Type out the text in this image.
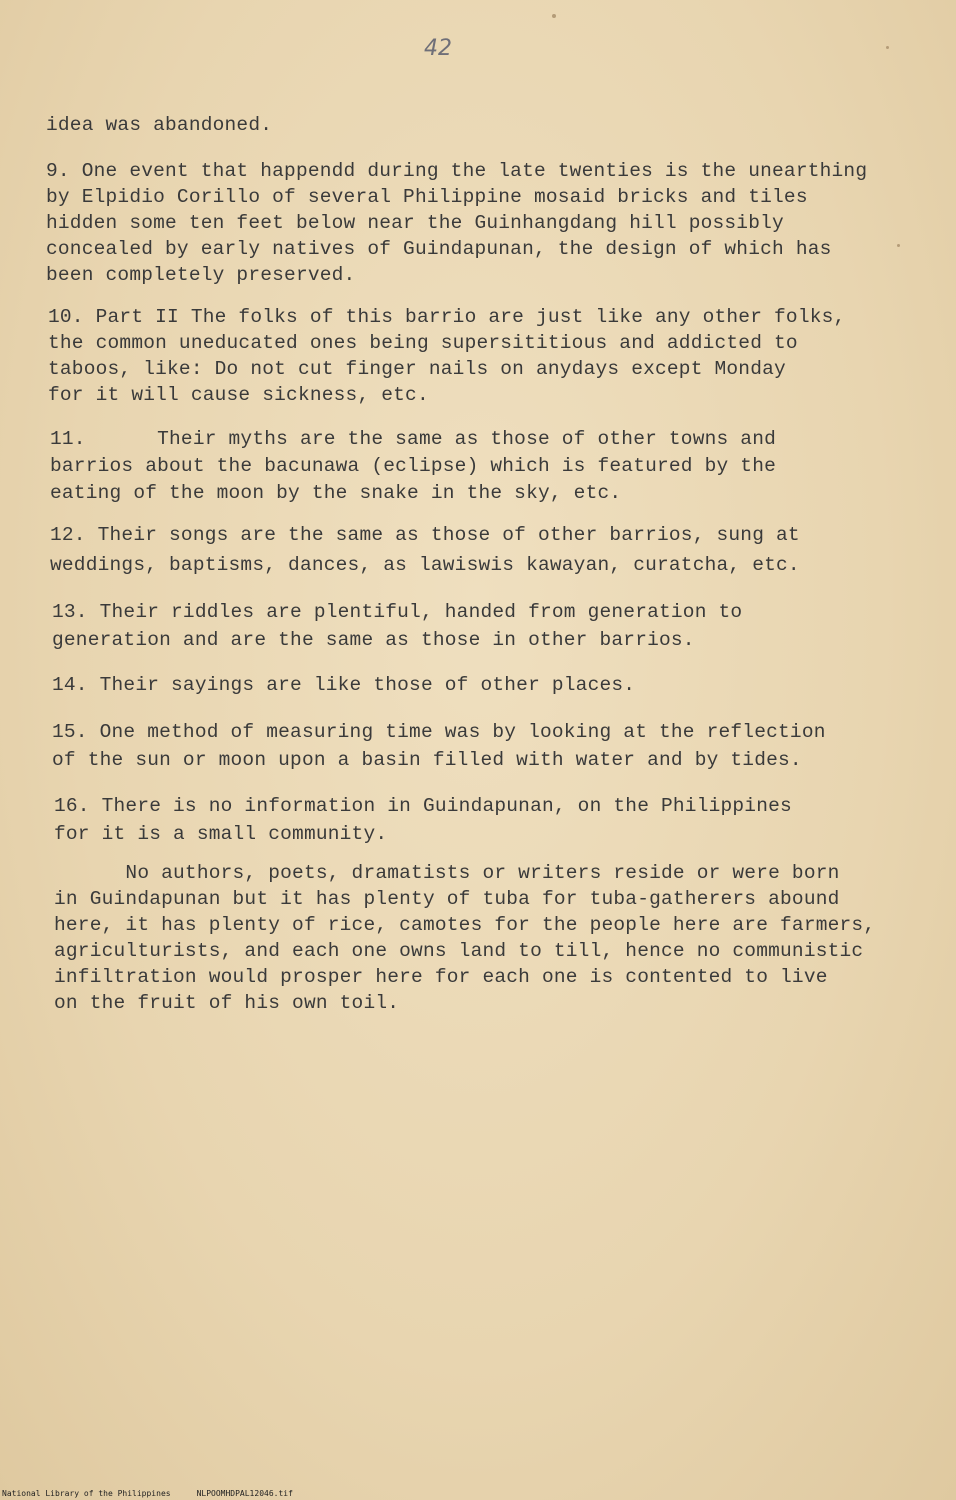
42
idea was abandoned.
9. One event that happendd during the late twenties is the unearthing
by Elpidio Corillo of several Philippine mosaid bricks and tiles
hidden some ten feet below near the Guinhangdang hill possibly
concealed by early natives of Guindapunan, the design of which has
been completely preserved.
10. Part II The folks of this barrio are just like any other folks,
the common uneducated ones being supersititious and addicted to
taboos, like: Do not cut finger nails on anydays except Monday
for it will cause sickness, etc.
11.      Their myths are the same as those of other towns and
barrios about the bacunawa (eclipse) which is featured by the
eating of the moon by the snake in the sky, etc.
12. Their songs are the same as those of other barrios, sung at
weddings, baptisms, dances, as lawiswis kawayan, curatcha, etc.
13. Their riddles are plentiful, handed from generation to
generation and are the same as those in other barrios.
14. Their sayings are like those of other places.
15. One method of measuring time was by looking at the reflection
of the sun or moon upon a basin filled with water and by tides.
16. There is no information in Guindapunan, on the Philippines
for it is a small community.
No authors, poets, dramatists or writers reside or were born
in Guindapunan but it has plenty of tuba for tuba-gatherers abound
here, it has plenty of rice, camotes for the people here are farmers,
agriculturists, and each one owns land to till, hence no communistic
infiltration would prosper here for each one is contented to live
on the fruit of his own toil.
National Library of the Philippines	NLPOOMHDPAL12046.tif
